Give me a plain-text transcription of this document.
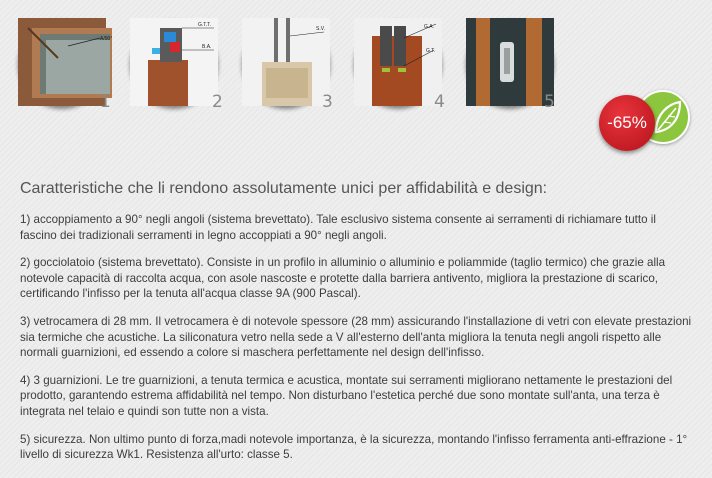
A/90°
1
G.T.T.
B.A.
2
S.V.
3
G.A.
G.T.
4	5
-65%
Caratteristiche che li rendono assolutamente unici per affidabilità e design:

1) accoppiamento a 90° negli angoli (sistema brevettato). Tale esclusivo sistema consente ai serramenti di richiamare tutto il fascino dei tradizionali serramenti in legno accoppiati a 90° negli angoli.

2) gocciolatoio (sistema brevettato). Consiste in un profilo in alluminio o alluminio e poliammide (taglio termico) che grazie alla notevole capacità di raccolta acqua, con asole nascoste e protette dalla barriera antivento, migliora la prestazione di scarico, certificando l'infisso per la tenuta all'acqua classe 9A (900 Pascal).

3) vetrocamera di 28 mm. Il vetrocamera è di notevole spessore (28 mm) assicurando l'installazione di vetri con elevate prestazioni sia termiche che acustiche. La siliconatura vetro nella sede a V all'esterno dell'anta migliora la tenuta negli angoli rispetto alle normali guarnizioni, ed essendo a colore si maschera perfettamente nel design dell'infisso.

4) 3 guarnizioni. Le tre guarnizioni, a tenuta termica e acustica, montate sui serramenti migliorano nettamente le prestazioni del prodotto, garantendo estrema affidabilità nel tempo. Non disturbano l'estetica perché due sono montate sull'anta, una terza è integrata nel telaio e quindi son tutte non a vista.

5) sicurezza. Non ultimo punto di forza,madi notevole importanza, è la sicurezza, montando l'infisso ferramenta anti-effrazione - 1° livello di sicurezza Wk1. Resistenza all'urto: classe 5.
